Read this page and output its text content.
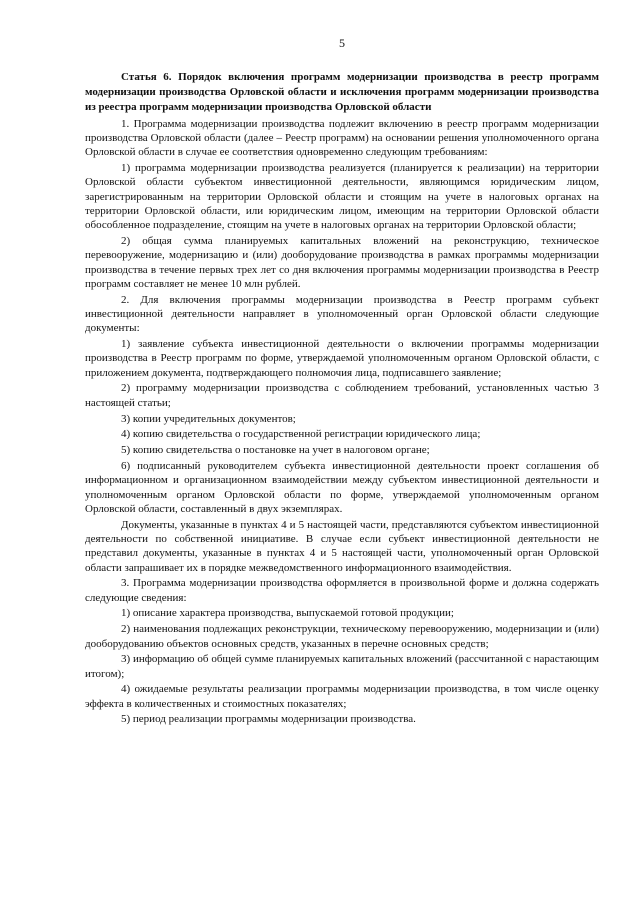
5
Статья 6. Порядок включения программ модернизации производства в реестр программ модернизации производства Орловской области и исключения программ модернизации производства из реестра программ модернизации производства Орловской области

1. Программа модернизации производства подлежит включению в реестр программ модернизации производства Орловской области (далее – Реестр программ) на основании решения уполномоченного органа Орловской области в случае ее соответствия одновременно следующим требованиям:

1) программа модернизации производства реализуется (планируется к реализации) на территории Орловской области субъектом инвестиционной деятельности, являющимся юридическим лицом, зарегистрированным на территории Орловской области и стоящим на учете в налоговых органах на территории Орловской области, или юридическим лицом, имеющим на территории Орловской области обособленное подразделение, стоящим на учете в налоговых органах на территории Орловской области;

2) общая сумма планируемых капитальных вложений на реконструкцию, техническое перевооружение, модернизацию и (или) дооборудование производства в рамках программы модернизации производства в течение первых трех лет со дня включения программы модернизации производства в Реестр программ составляет не менее 10 млн рублей.

2. Для включения программы модернизации производства в Реестр программ субъект инвестиционной деятельности направляет в уполномоченный орган Орловской области следующие документы:

1) заявление субъекта инвестиционной деятельности о включении программы модернизации производства в Реестр программ по форме, утверждаемой уполномоченным органом Орловской области, с приложением документа, подтверждающего полномочия лица, подписавшего заявление;

2) программу модернизации производства с соблюдением требований, установленных частью 3 настоящей статьи;

3) копии учредительных документов;

4) копию свидетельства о государственной регистрации юридического лица;

5) копию свидетельства о постановке на учет в налоговом органе;

6) подписанный руководителем субъекта инвестиционной деятельности проект соглашения об информационном и организационном взаимодействии между субъектом инвестиционной деятельности и уполномоченным органом Орловской области по форме, утверждаемой уполномоченным органом Орловской области, составленный в двух экземплярах.

Документы, указанные в пунктах 4 и 5 настоящей части, представляются субъектом инвестиционной деятельности по собственной инициативе. В случае если субъект инвестиционной деятельности не представил документы, указанные в пунктах 4 и 5 настоящей части, уполномоченный орган Орловской области запрашивает их в порядке межведомственного информационного взаимодействия.

3. Программа модернизации производства оформляется в произвольной форме и должна содержать следующие сведения:

1) описание характера производства, выпускаемой готовой продукции;

2) наименования подлежащих реконструкции, техническому перевооружению, модернизации и (или) дооборудованию объектов основных средств, указанных в перечне основных средств;

3) информацию об общей сумме планируемых капитальных вложений (рассчитанной с нарастающим итогом);

4) ожидаемые результаты реализации программы модернизации производства, в том числе оценку эффекта в количественных и стоимостных показателях;

5) период реализации программы модернизации производства.
